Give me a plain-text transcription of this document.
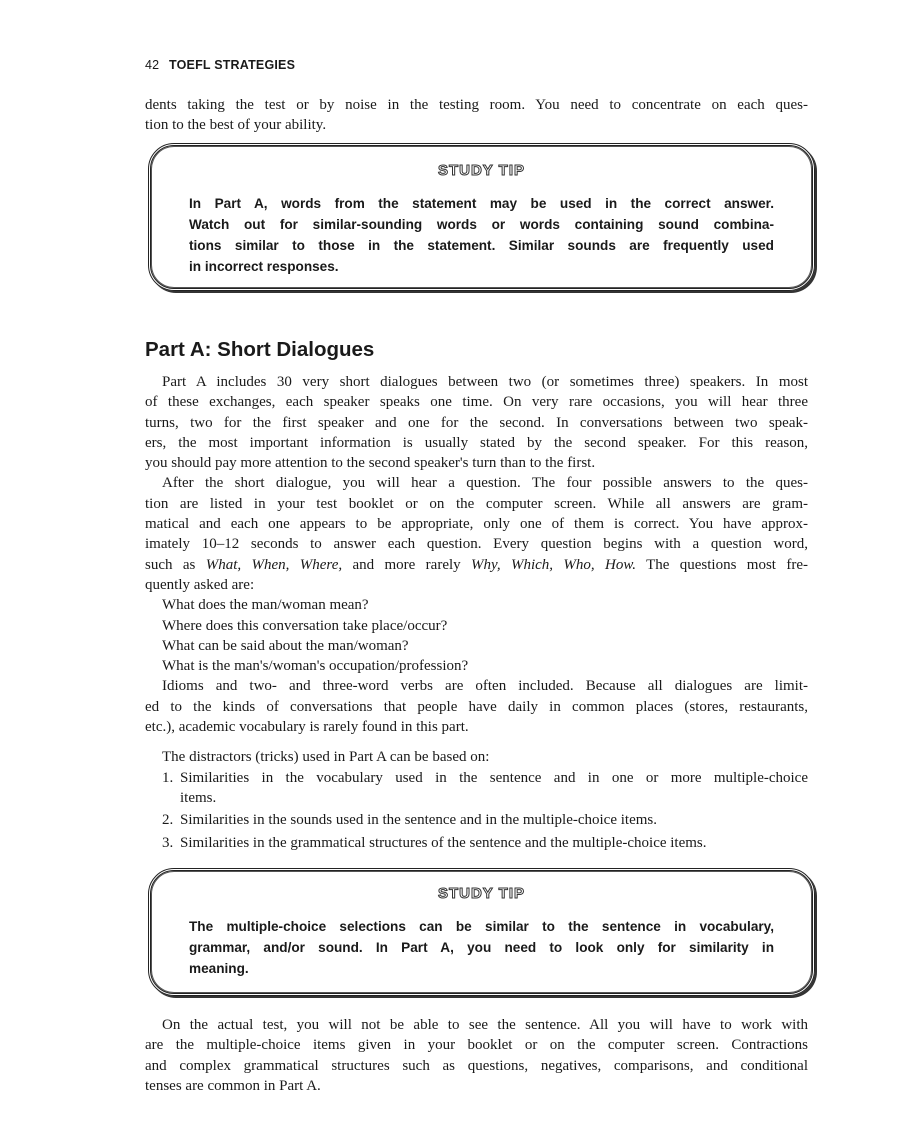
42 TOEFL STRATEGIES
dents taking the test or by noise in the testing room. You need to concentrate on each ques-
tion to the best of your ability.
STUDY TIP
In Part A, words from the statement may be used in the correct answer.
Watch out for similar-sounding words or words containing sound combina-
tions similar to those in the statement. Similar sounds are frequently used
in incorrect responses.
Part A: Short Dialogues
Part A includes 30 very short dialogues between two (or sometimes three) speakers. In most
of these exchanges, each speaker speaks one time. On very rare occasions, you will hear three
turns, two for the first speaker and one for the second. In conversations between two speak-
ers, the most important information is usually stated by the second speaker. For this reason,
you should pay more attention to the second speaker's turn than to the first.
After the short dialogue, you will hear a question. The four possible answers to the ques-
tion are listed in your test booklet or on the computer screen. While all answers are gram-
matical and each one appears to be appropriate, only one of them is correct. You have approx-
imately 10–12 seconds to answer each question. Every question begins with a question word,
such as What, When, Where, and more rarely Why, Which, Who, How. The questions most fre-
quently asked are:
What does the man/woman mean?
Where does this conversation take place/occur?
What can be said about the man/woman?
What is the man's/woman's occupation/profession?
Idioms and two- and three-word verbs are often included. Because all dialogues are limit-
ed to the kinds of conversations that people have daily in common places (stores, restaurants,
etc.), academic vocabulary is rarely found in this part.
The distractors (tricks) used in Part A can be based on:
1. Similarities in the vocabulary used in the sentence and in one or more multiple-choice
items.
2. Similarities in the sounds used in the sentence and in the multiple-choice items.
3. Similarities in the grammatical structures of the sentence and the multiple-choice items.
STUDY TIP
The multiple-choice selections can be similar to the sentence in vocabulary,
grammar, and/or sound. In Part A, you need to look only for similarity in
meaning.
On the actual test, you will not be able to see the sentence. All you will have to work with
are the multiple-choice items given in your booklet or on the computer screen. Contractions
and complex grammatical structures such as questions, negatives, comparisons, and conditional
tenses are common in Part A.
